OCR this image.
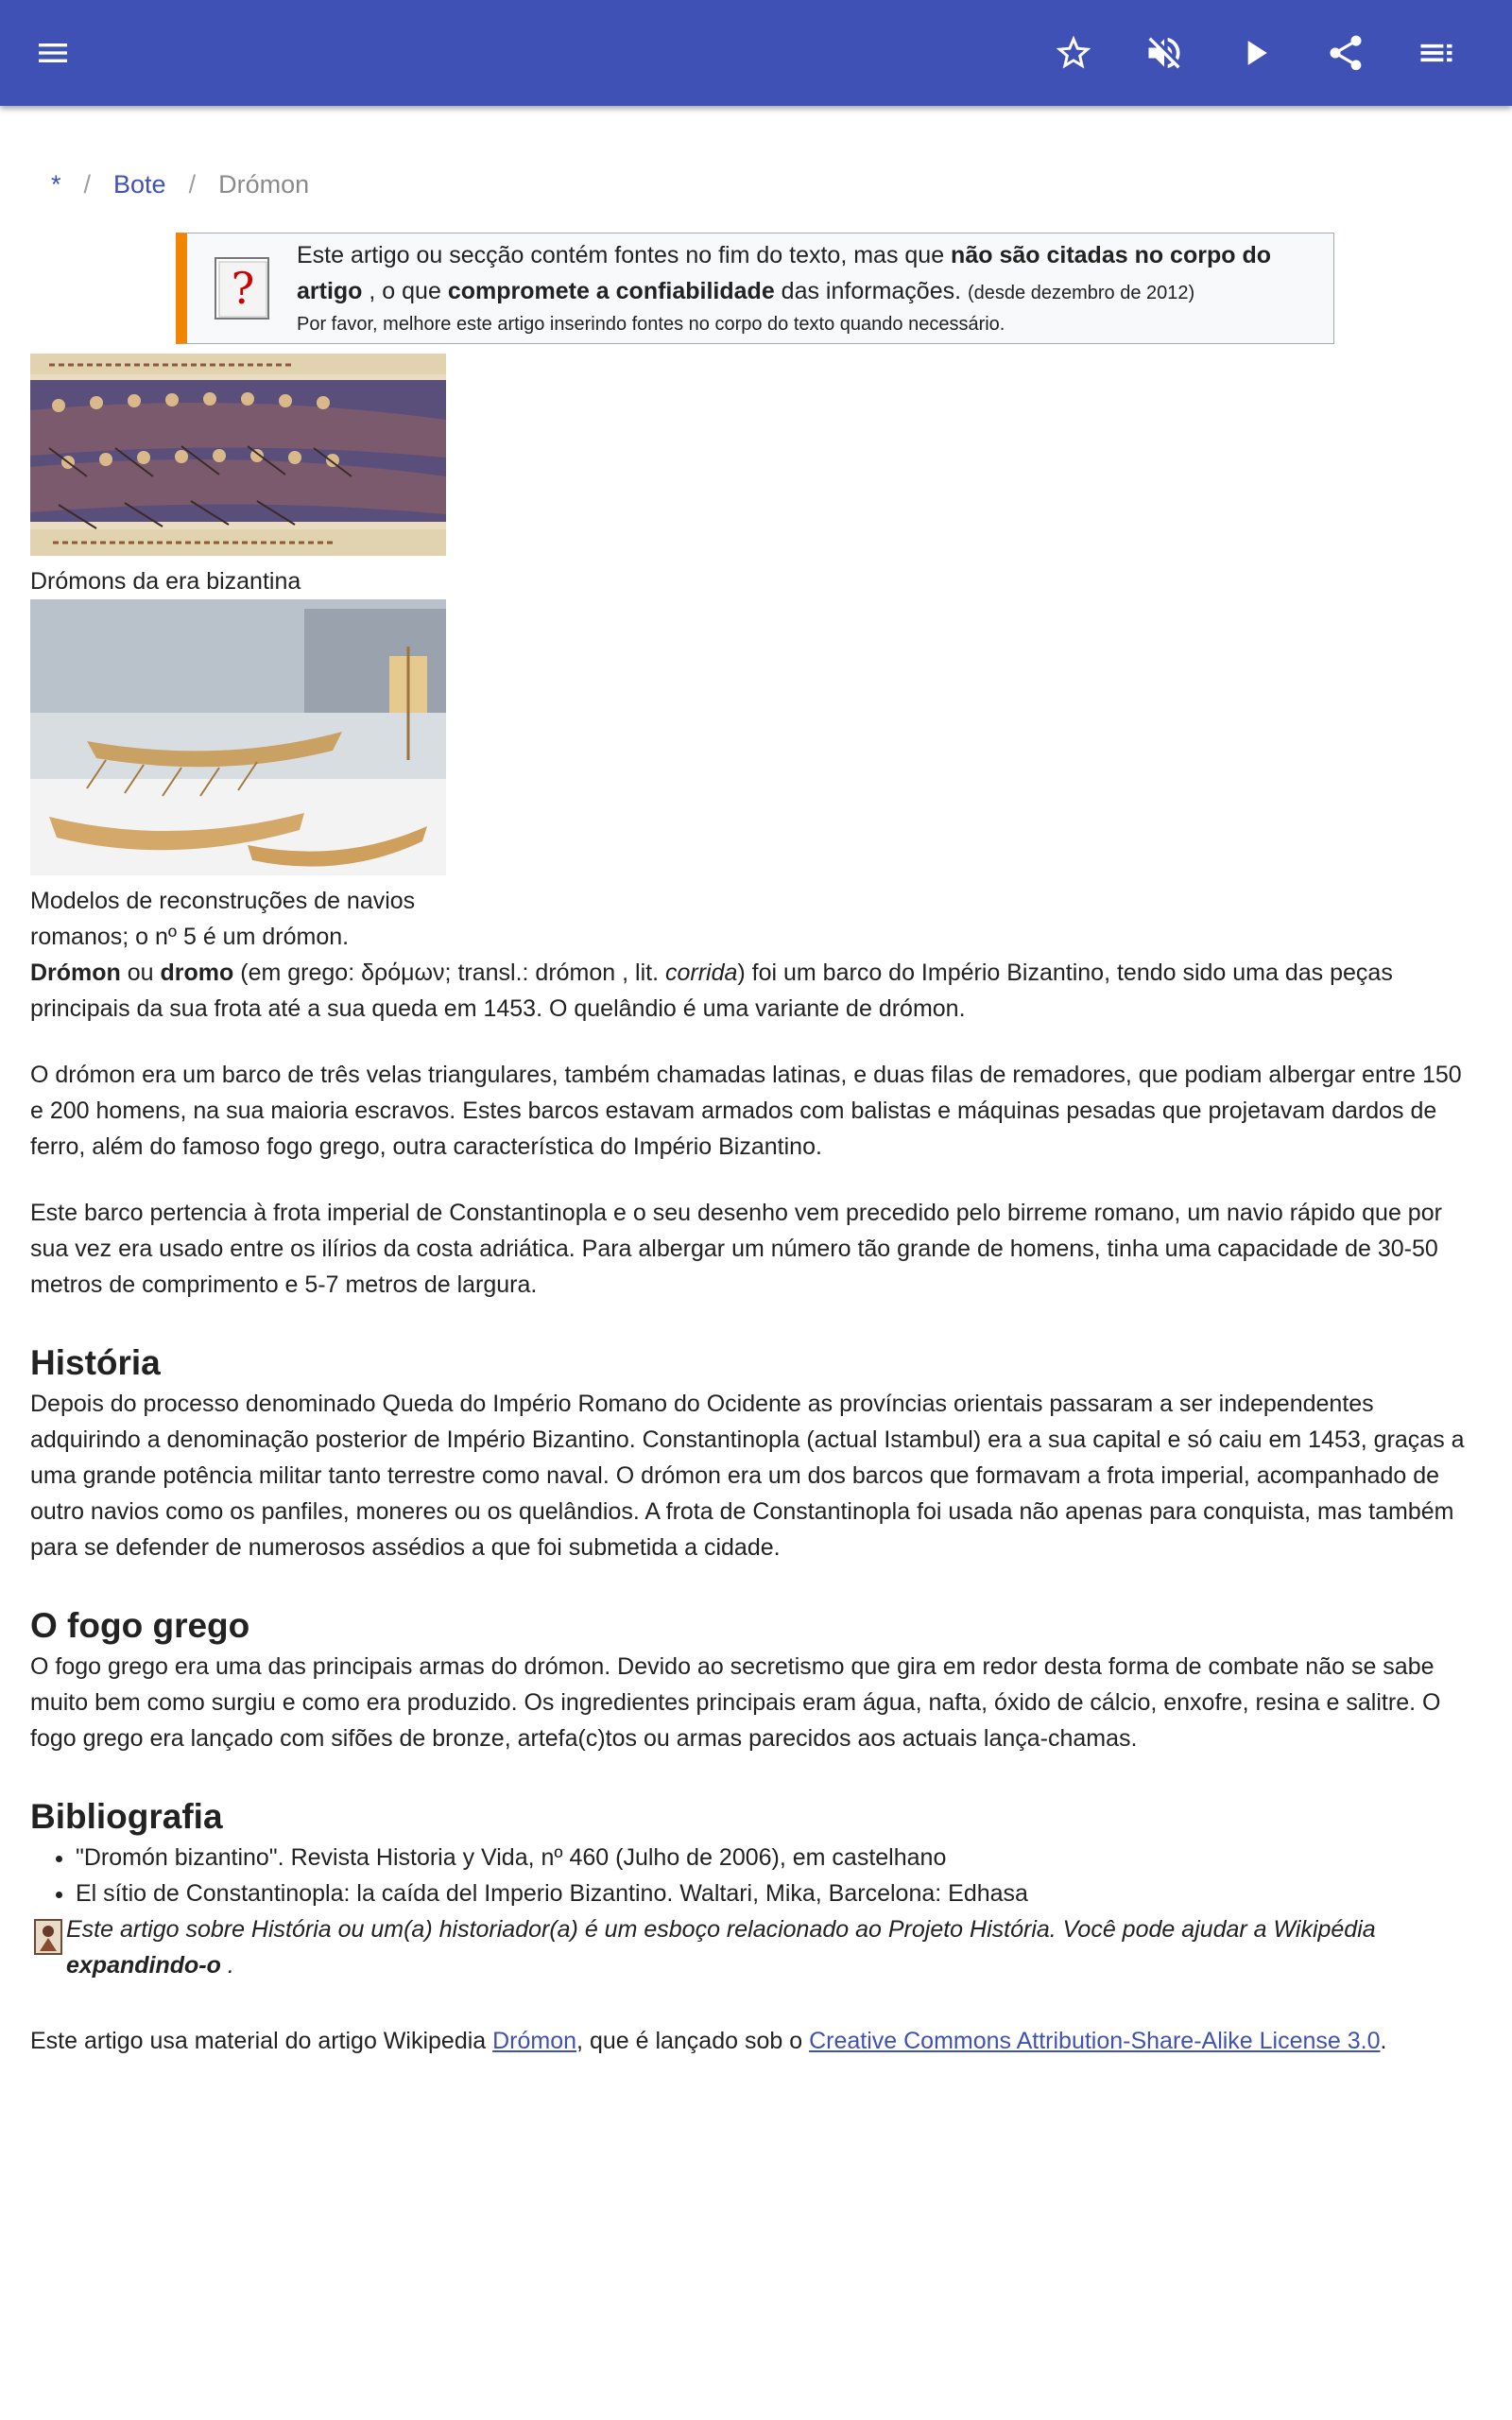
* / Bote / Drómon
?
Este artigo ou secção contém fontes no fim do texto, mas que não são citadas no corpo do artigo , o que compromete a confiabilidade das informações. (desde dezembro de 2012)
Por favor, melhore este artigo inserindo fontes no corpo do texto quando necessário.

Drómons da era bizantina

Modelos de reconstruções de navios
romanos; o nº 5 é um drómon.

Drómon ou dromo (em grego: δρόμων; transl.: drómon , lit. corrida) foi um barco do Império Bizantino, tendo sido uma das peças principais da sua frota até a sua queda em 1453. O quelândio é uma variante de drómon.

O drómon era um barco de três velas triangulares, também chamadas latinas, e duas filas de remadores, que podiam albergar entre 150 e 200 homens, na sua maioria escravos. Estes barcos estavam armados com balistas e máquinas pesadas que projetavam dardos de ferro, além do famoso fogo grego, outra característica do Império Bizantino.

Este barco pertencia à frota imperial de Constantinopla e o seu desenho vem precedido pelo birreme romano, um navio rápido que por sua vez era usado entre os ilírios da costa adriática. Para albergar um número tão grande de homens, tinha uma capacidade de 30-50 metros de comprimento e 5-7 metros de largura.

História

Depois do processo denominado Queda do Império Romano do Ocidente as províncias orientais passaram a ser independentes adquirindo a denominação posterior de Império Bizantino. Constantinopla (actual Istambul) era a sua capital e só caiu em 1453, graças a uma grande potência militar tanto terrestre como naval. O drómon era um dos barcos que formavam a frota imperial, acompanhado de outro navios como os panfiles, moneres ou os quelândios. A frota de Constantinopla foi usada não apenas para conquista, mas também para se defender de numerosos assédios a que foi submetida a cidade.

O fogo grego

O fogo grego era uma das principais armas do drómon. Devido ao secretismo que gira em redor desta forma de combate não se sabe muito bem como surgiu e como era produzido. Os ingredientes principais eram água, nafta, óxido de cálcio, enxofre, resina e salitre. O fogo grego era lançado com sifões de bronze, artefa(c)tos ou armas parecidos aos actuais lança-chamas.

Bibliografia
• "Dromón bizantino". Revista Historia y Vida, nº 460 (Julho de 2006), em castelhano
• El sítio de Constantinopla: la caída del Imperio Bizantino. Waltari, Mika, Barcelona: Edhasa
Este artigo sobre História ou um(a) historiador(a) é um esboço relacionado ao Projeto História. Você pode ajudar a Wikipédia expandindo-o .

Este artigo usa material do artigo Wikipedia Drómon, que é lançado sob o Creative Commons Attribution-Share-Alike License 3.0.
